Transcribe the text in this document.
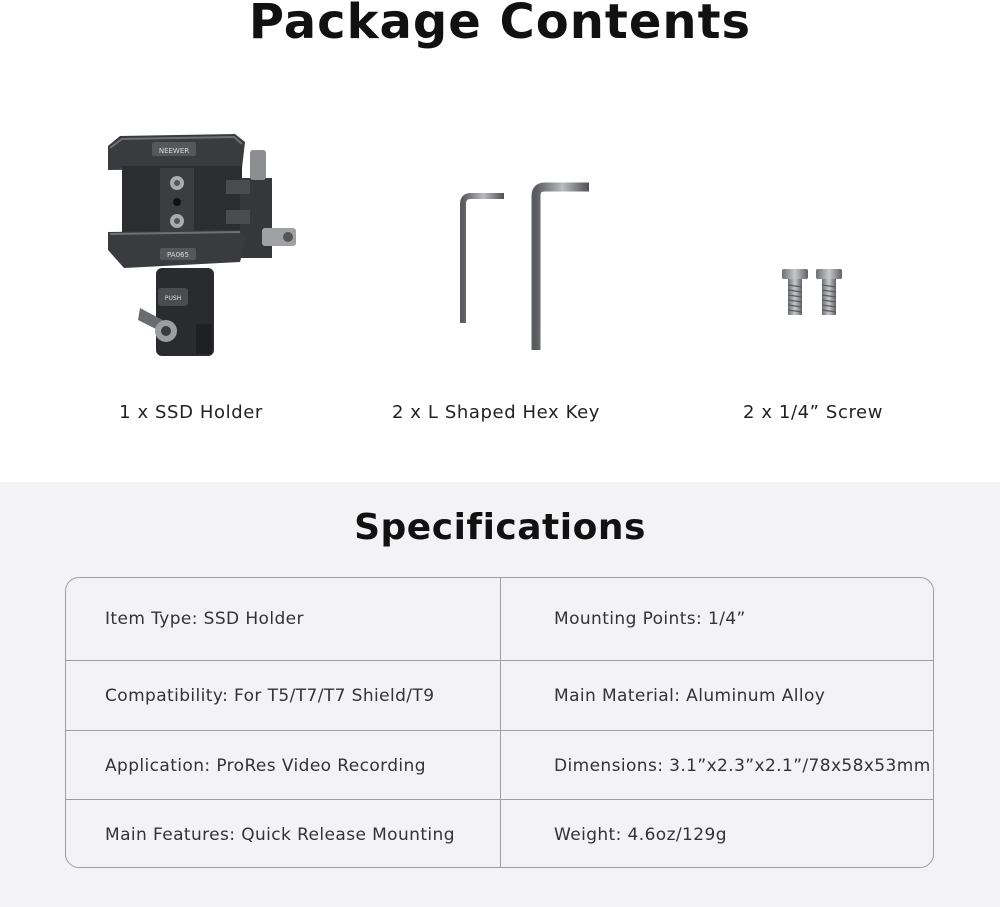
Package Contents
NEEWER
PA065
PUSH
1 x SSD Holder	2 x L Shaped Hex Key	2 x 1/4” Screw
Specifications
Item Type: SSD Holder	Mounting Points: 1/4”
Compatibility: For T5/T7/T7 Shield/T9	Main Material: Aluminum Alloy
Application: ProRes Video Recording	Dimensions: 3.1”x2.3”x2.1”/78x58x53mm
Main Features: Quick Release Mounting	Weight: 4.6oz/129g
